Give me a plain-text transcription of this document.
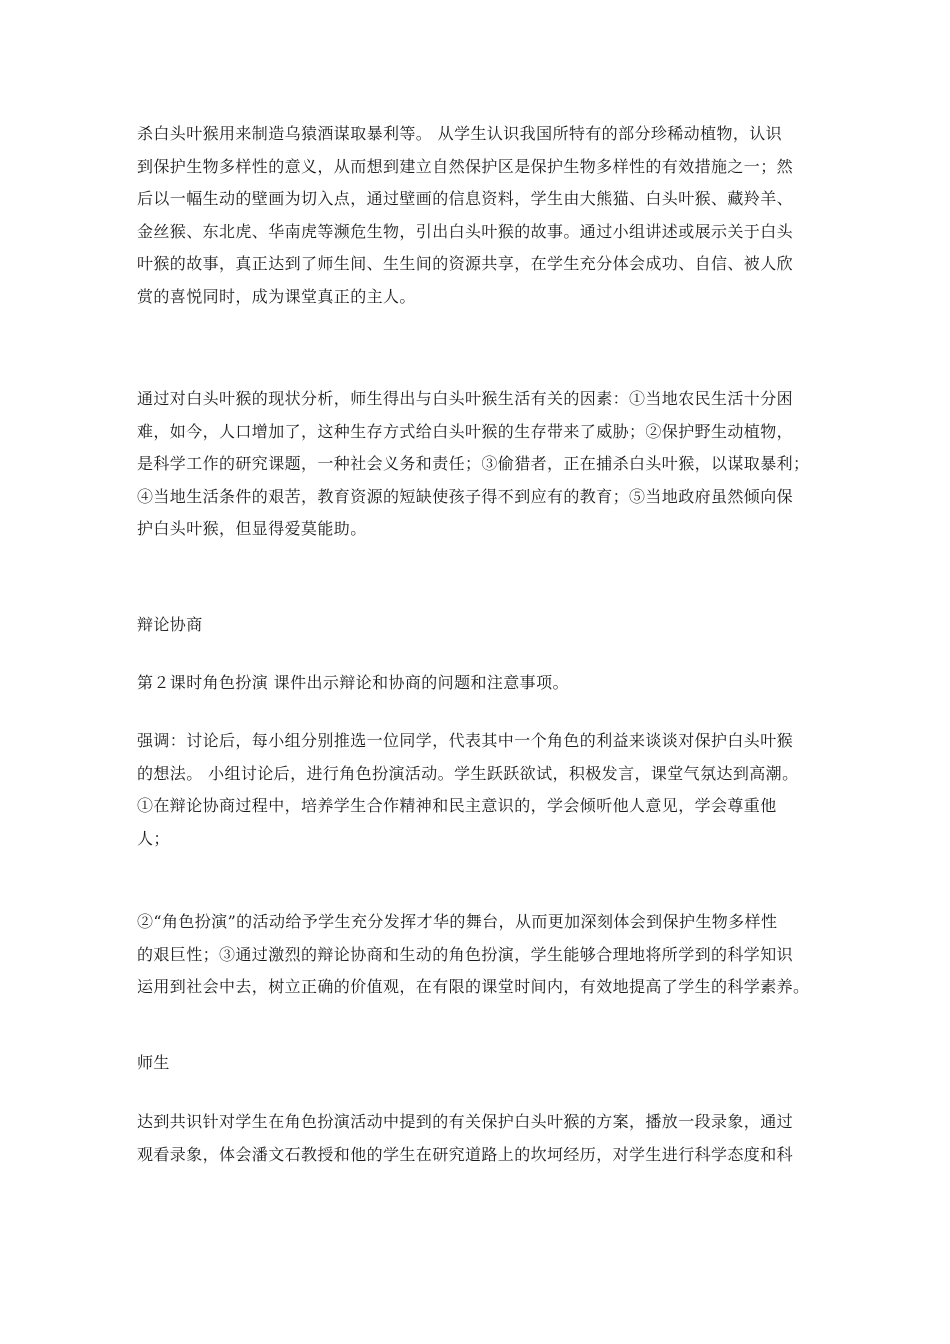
杀白头叶猴用来制造乌猿酒谋取暴利等。 从学生认识我国所特有的部分珍稀动植物，认识
到保护生物多样性的意义，从而想到建立自然保护区是保护生物多样性的有效措施之一；然
后以一幅生动的壁画为切入点，通过壁画的信息资料，学生由大熊猫、白头叶猴、藏羚羊、
金丝猴、东北虎、华南虎等濒危生物，引出白头叶猴的故事。通过小组讲述或展示关于白头
叶猴的故事，真正达到了师生间、生生间的资源共享，在学生充分体会成功、自信、被人欣
赏的喜悦同时，成为课堂真正的主人。
通过对白头叶猴的现状分析，师生得出与白头叶猴生活有关的因素：①当地农民生活十分困
难，如今，人口增加了，这种生存方式给白头叶猴的生存带来了威胁；②保护野生动植物，
是科学工作的研究课题，一种社会义务和责任；③偷猎者，正在捕杀白头叶猴，以谋取暴利；
④当地生活条件的艰苦，教育资源的短缺使孩子得不到应有的教育；⑤当地政府虽然倾向保
护白头叶猴，但显得爱莫能助。
辩论协商
第２课时角色扮演 课件出示辩论和协商的问题和注意事项。
强调：讨论后，每小组分别推选一位同学，代表其中一个角色的利益来谈谈对保护白头叶猴
的想法。 小组讨论后，进行角色扮演活动。学生跃跃欲试，积极发言，课堂气氛达到高潮。
①在辩论协商过程中，培养学生合作精神和民主意识的，学会倾听他人意见，学会尊重他
人；
②“角色扮演”的活动给予学生充分发挥才华的舞台，从而更加深刻体会到保护生物多样性
的艰巨性；③通过激烈的辩论协商和生动的角色扮演，学生能够合理地将所学到的科学知识
运用到社会中去，树立正确的价值观，在有限的课堂时间内，有效地提高了学生的科学素养。
师生
达到共识针对学生在角色扮演活动中提到的有关保护白头叶猴的方案，播放一段录象，通过
观看录象，体会潘文石教授和他的学生在研究道路上的坎坷经历，对学生进行科学态度和科
